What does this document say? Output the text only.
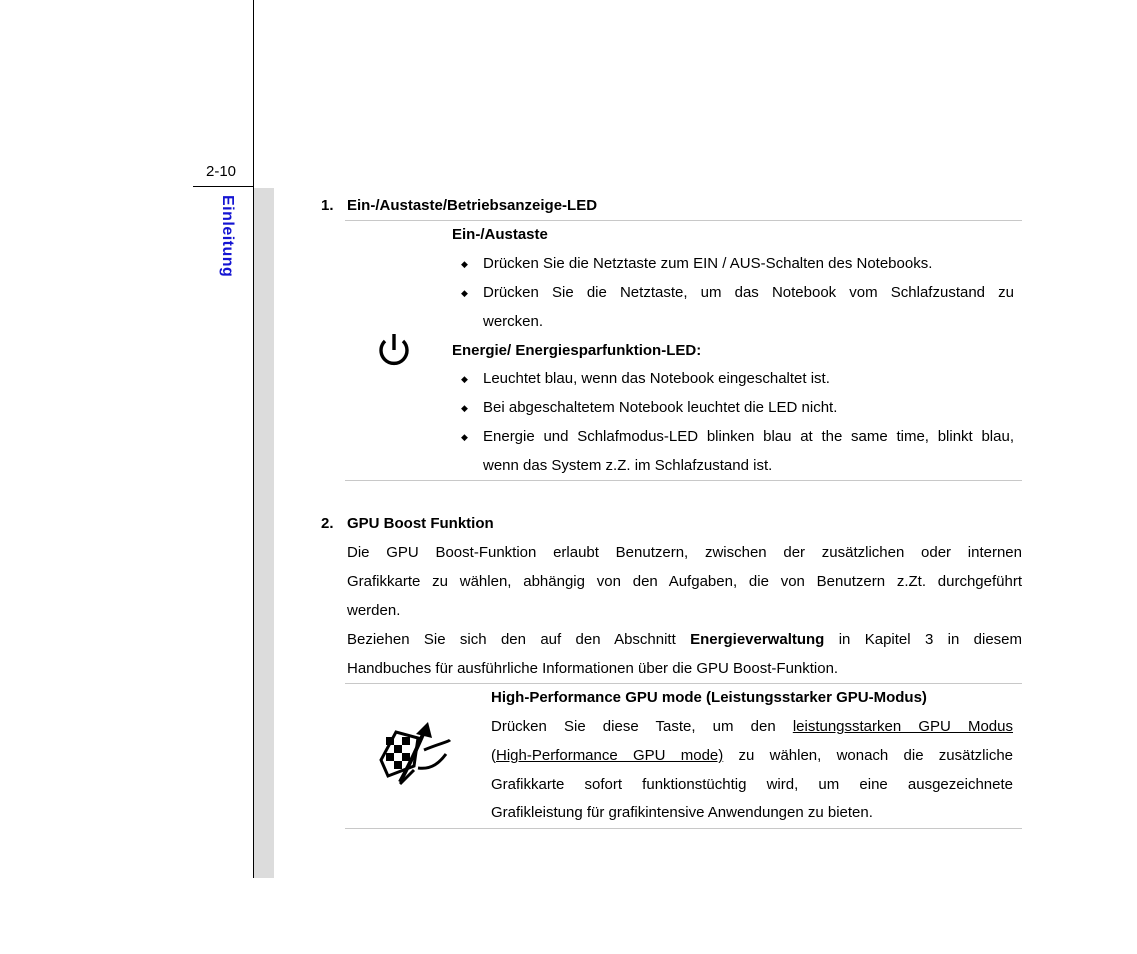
2-10
Einleitung	1. Ein-/Austaste/Betriebsanzeige-LED
Ein-/Austaste
◆ Drücken Sie die Netztaste zum EIN / AUS-Schalten des Notebooks.
◆ Drücken Sie die Netztaste, um das Notebook vom Schlafzustand zu
wercken.
Energie/ Energiesparfunktion-LED:
◆ Leuchtet blau, wenn das Notebook eingeschaltet ist.
◆ Bei abgeschaltetem Notebook leuchtet die LED nicht.
◆ Energie und Schlafmodus-LED blinken blau at the same time, blinkt blau,
wenn das System z.Z. im Schlafzustand ist.
2. GPU Boost Funktion
Die GPU Boost-Funktion erlaubt Benutzern, zwischen der zusätzlichen oder internen
Grafikkarte zu wählen, abhängig von den Aufgaben, die von Benutzern z.Zt. durchgeführt
werden.
Beziehen Sie sich den auf den Abschnitt Energieverwaltung in Kapitel 3 in diesem
Handbuches für ausführliche Informationen über die GPU Boost-Funktion.
High-Performance GPU mode (Leistungsstarker GPU-Modus)
Drücken Sie diese Taste, um den leistungsstarken GPU Modus
(High-Performance GPU mode) zu wählen, wonach die zusätzliche
Grafikkarte sofort funktionstüchtig wird, um eine ausgezeichnete
Grafikleistung für grafikintensive Anwendungen zu bieten.
